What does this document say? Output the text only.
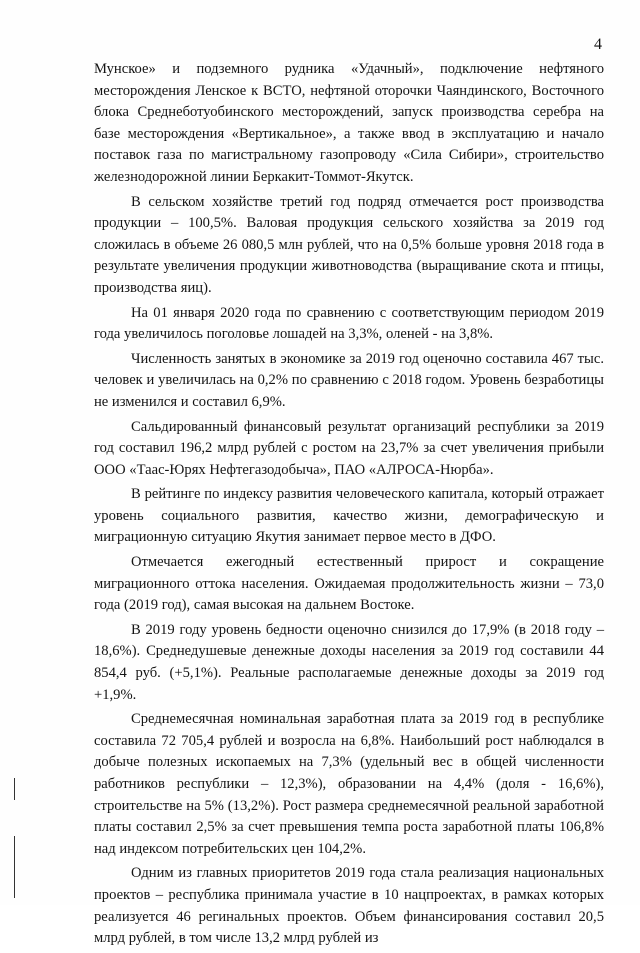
4

Мунское» и подземного рудника «Удачный», подключение нефтяного месторождения Ленское к ВСТО, нефтяной оторочки Чаяндинского, Восточного блока Среднеботуобинского месторождений, запуск производства серебра на базе месторождения «Вертикальное», а также ввод в эксплуатацию и начало поставок газа по магистральному газопроводу «Сила Сибири», строительство железнодорожной линии Беркакит-Томмот-Якутск.

В сельском хозяйстве третий год подряд отмечается рост производства продукции – 100,5%. Валовая продукция сельского хозяйства за 2019 год сложилась в объеме 26 080,5 млн рублей, что на 0,5% больше уровня 2018 года в результате увеличения продукции животноводства (выращивание скота и птицы, производства яиц).

На 01 января 2020 года по сравнению с соответствующим периодом 2019 года увеличилось поголовье лошадей на 3,3%, оленей - на 3,8%.

Численность занятых в экономике за 2019 год оценочно составила 467 тыс. человек и увеличилась на 0,2% по сравнению с 2018 годом. Уровень безработицы не изменился и составил 6,9%.

Сальдированный финансовый результат организаций республики за 2019 год составил 196,2 млрд рублей с ростом на 23,7% за счет увеличения прибыли ООО «Таас-Юрях Нефтегазодобыча», ПАО «АЛРОСА-Нюрба».

В рейтинге по индексу развития человеческого капитала, который отражает уровень социального развития, качество жизни, демографическую и миграционную ситуацию Якутия занимает первое место в ДФО.

Отмечается ежегодный естественный прирост и сокращение миграционного оттока населения. Ожидаемая продолжительность жизни – 73,0 года (2019 год), самая высокая на дальнем Востоке.

В 2019 году уровень бедности оценочно снизился до 17,9% (в 2018 году – 18,6%). Среднедушевые денежные доходы населения за 2019 год составили 44 854,4 руб. (+5,1%). Реальные располагаемые денежные доходы за 2019 год +1,9%.

Среднемесячная номинальная заработная плата за 2019 год в республике составила 72 705,4 рублей и возросла на 6,8%. Наибольший рост наблюдался в добыче полезных ископаемых на 7,3% (удельный вес в общей численности работников республики – 12,3%), образовании на 4,4% (доля - 16,6%), строительстве на 5% (13,2%). Рост размера среднемесячной реальной заработной платы составил 2,5% за счет превышения темпа роста заработной платы 106,8% над индексом потребительских цен 104,2%.

Одним из главных приоритетов 2019 года стала реализация национальных проектов – республика принимала участие в 10 нацпроектах, в рамках которых реализуется 46 регинальных проектов. Объем финансирования составил 20,5 млрд рублей, в том числе 13,2 млрд рублей из
